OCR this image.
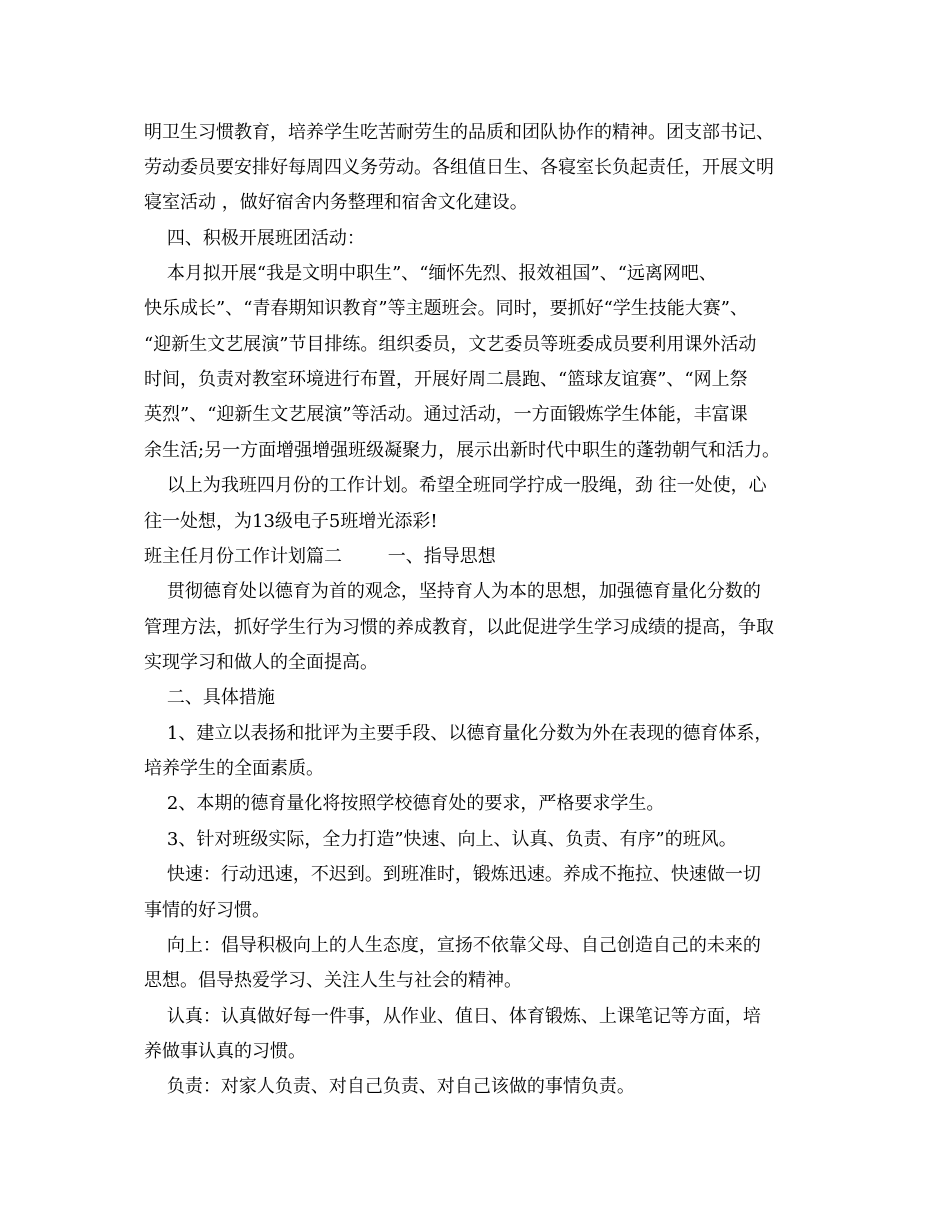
明卫生习惯教育，培养学生吃苦耐劳生的品质和团队协作的精神。团支部书记、
劳动委员要安排好每周四义务劳动。各组值日生、各寝室长负起责任，开展文明
寝室活动 ，做好宿舍内务整理和宿舍文化建设。
四、积极开展班团活动：
本月拟开展“我是文明中职生”、“缅怀先烈、报效祖国”、“远离网吧、
快乐成长”、“青春期知识教育”等主题班会。同时，要抓好“学生技能大赛”、
“迎新生文艺展演”节目排练。组织委员，文艺委员等班委成员要利用课外活动
时间，负责对教室环境进行布置，开展好周二晨跑、“篮球友谊赛”、“网上祭
英烈”、“迎新生文艺展演”等活动。通过活动，一方面锻炼学生体能，丰富课
余生活;另一方面增强增强班级凝聚力，展示出新时代中职生的蓬勃朝气和活力。
以上为我班四月份的工作计划。希望全班同学拧成一股绳，劲 往一处使，心
往一处想，为13级电子5班增光添彩!
班主任月份工作计划篇二        一、指导思想
贯彻德育处以德育为首的观念，坚持育人为本的思想，加强德育量化分数的
管理方法，抓好学生行为习惯的养成教育，以此促进学生学习成绩的提高，争取
实现学习和做人的全面提高。
二、具体措施
1、建立以表扬和批评为主要手段、以德育量化分数为外在表现的德育体系，
培养学生的全面素质。
2、本期的德育量化将按照学校德育处的要求，严格要求学生。
3、针对班级实际，全力打造”快速、向上、认真、负责、有序”的班风。
快速：行动迅速，不迟到。到班准时，锻炼迅速。养成不拖拉、快速做一切
事情的好习惯。
向上：倡导积极向上的人生态度，宣扬不依靠父母、自己创造自己的未来的
思想。倡导热爱学习、关注人生与社会的精神。
认真：认真做好每一件事，从作业、值日、体育锻炼、上课笔记等方面，培
养做事认真的习惯。
负责：对家人负责、对自己负责、对自己该做的事情负责。
